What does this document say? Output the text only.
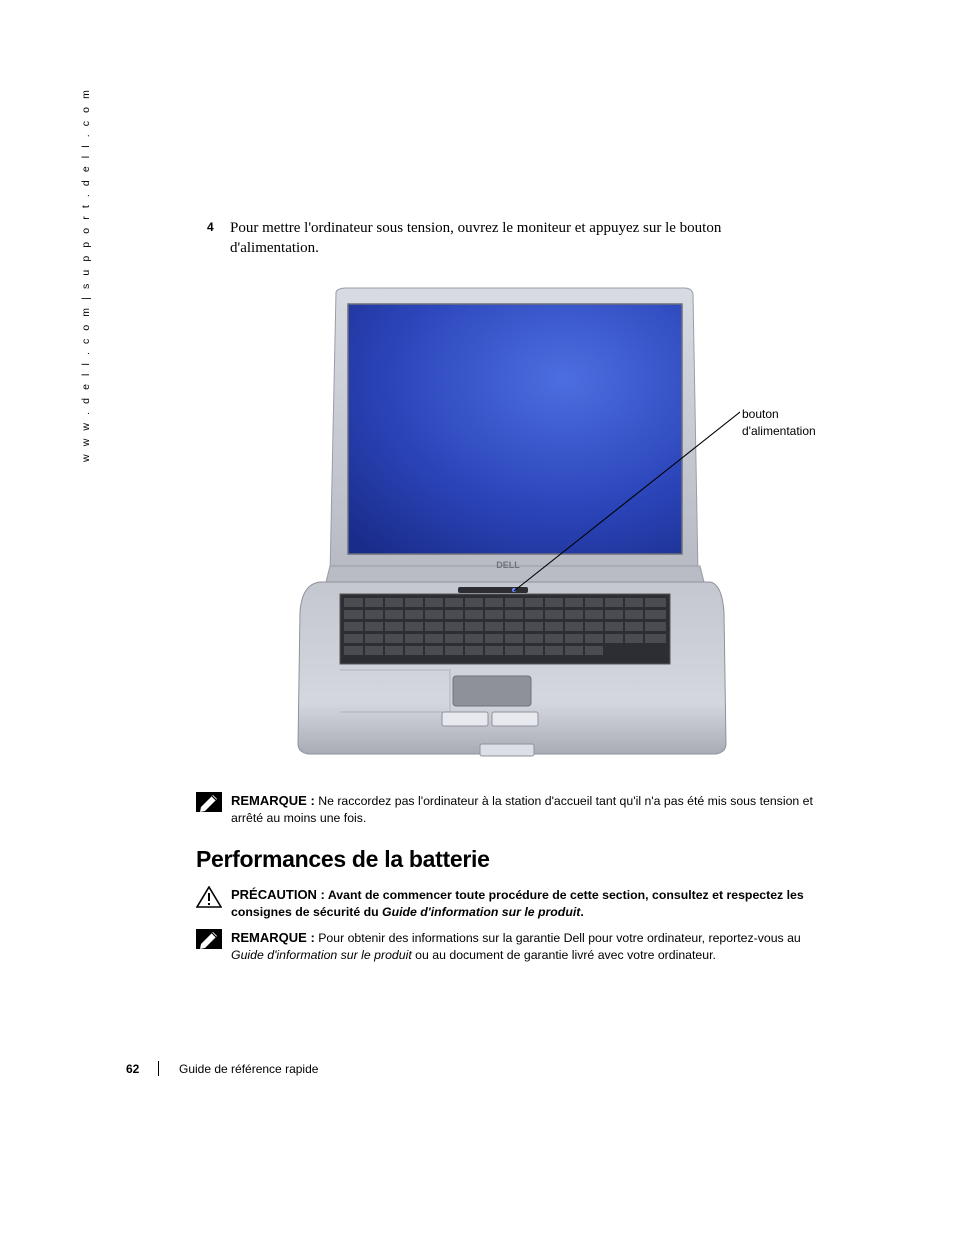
w w w . d e l l . c o m | s u p p o r t . d e l l . c o m	4 Pour mettre l'ordinateur sous tension, ouvrez le moniteur et appuyez sur le bouton d'alimentation.
DELL
bouton
d'alimentation
REMARQUE : Ne raccordez pas l'ordinateur à la station d'accueil tant qu'il n'a pas été mis sous tension et arrêté au moins une fois.
Performances de la batterie
PRÉCAUTION : Avant de commencer toute procédure de cette section, consultez et respectez les consignes de sécurité du Guide d'information sur le produit.
REMARQUE : Pour obtenir des informations sur la garantie Dell pour votre ordinateur, reportez-vous au Guide d'information sur le produit ou au document de garantie livré avec votre ordinateur.
62	Guide de référence rapide
